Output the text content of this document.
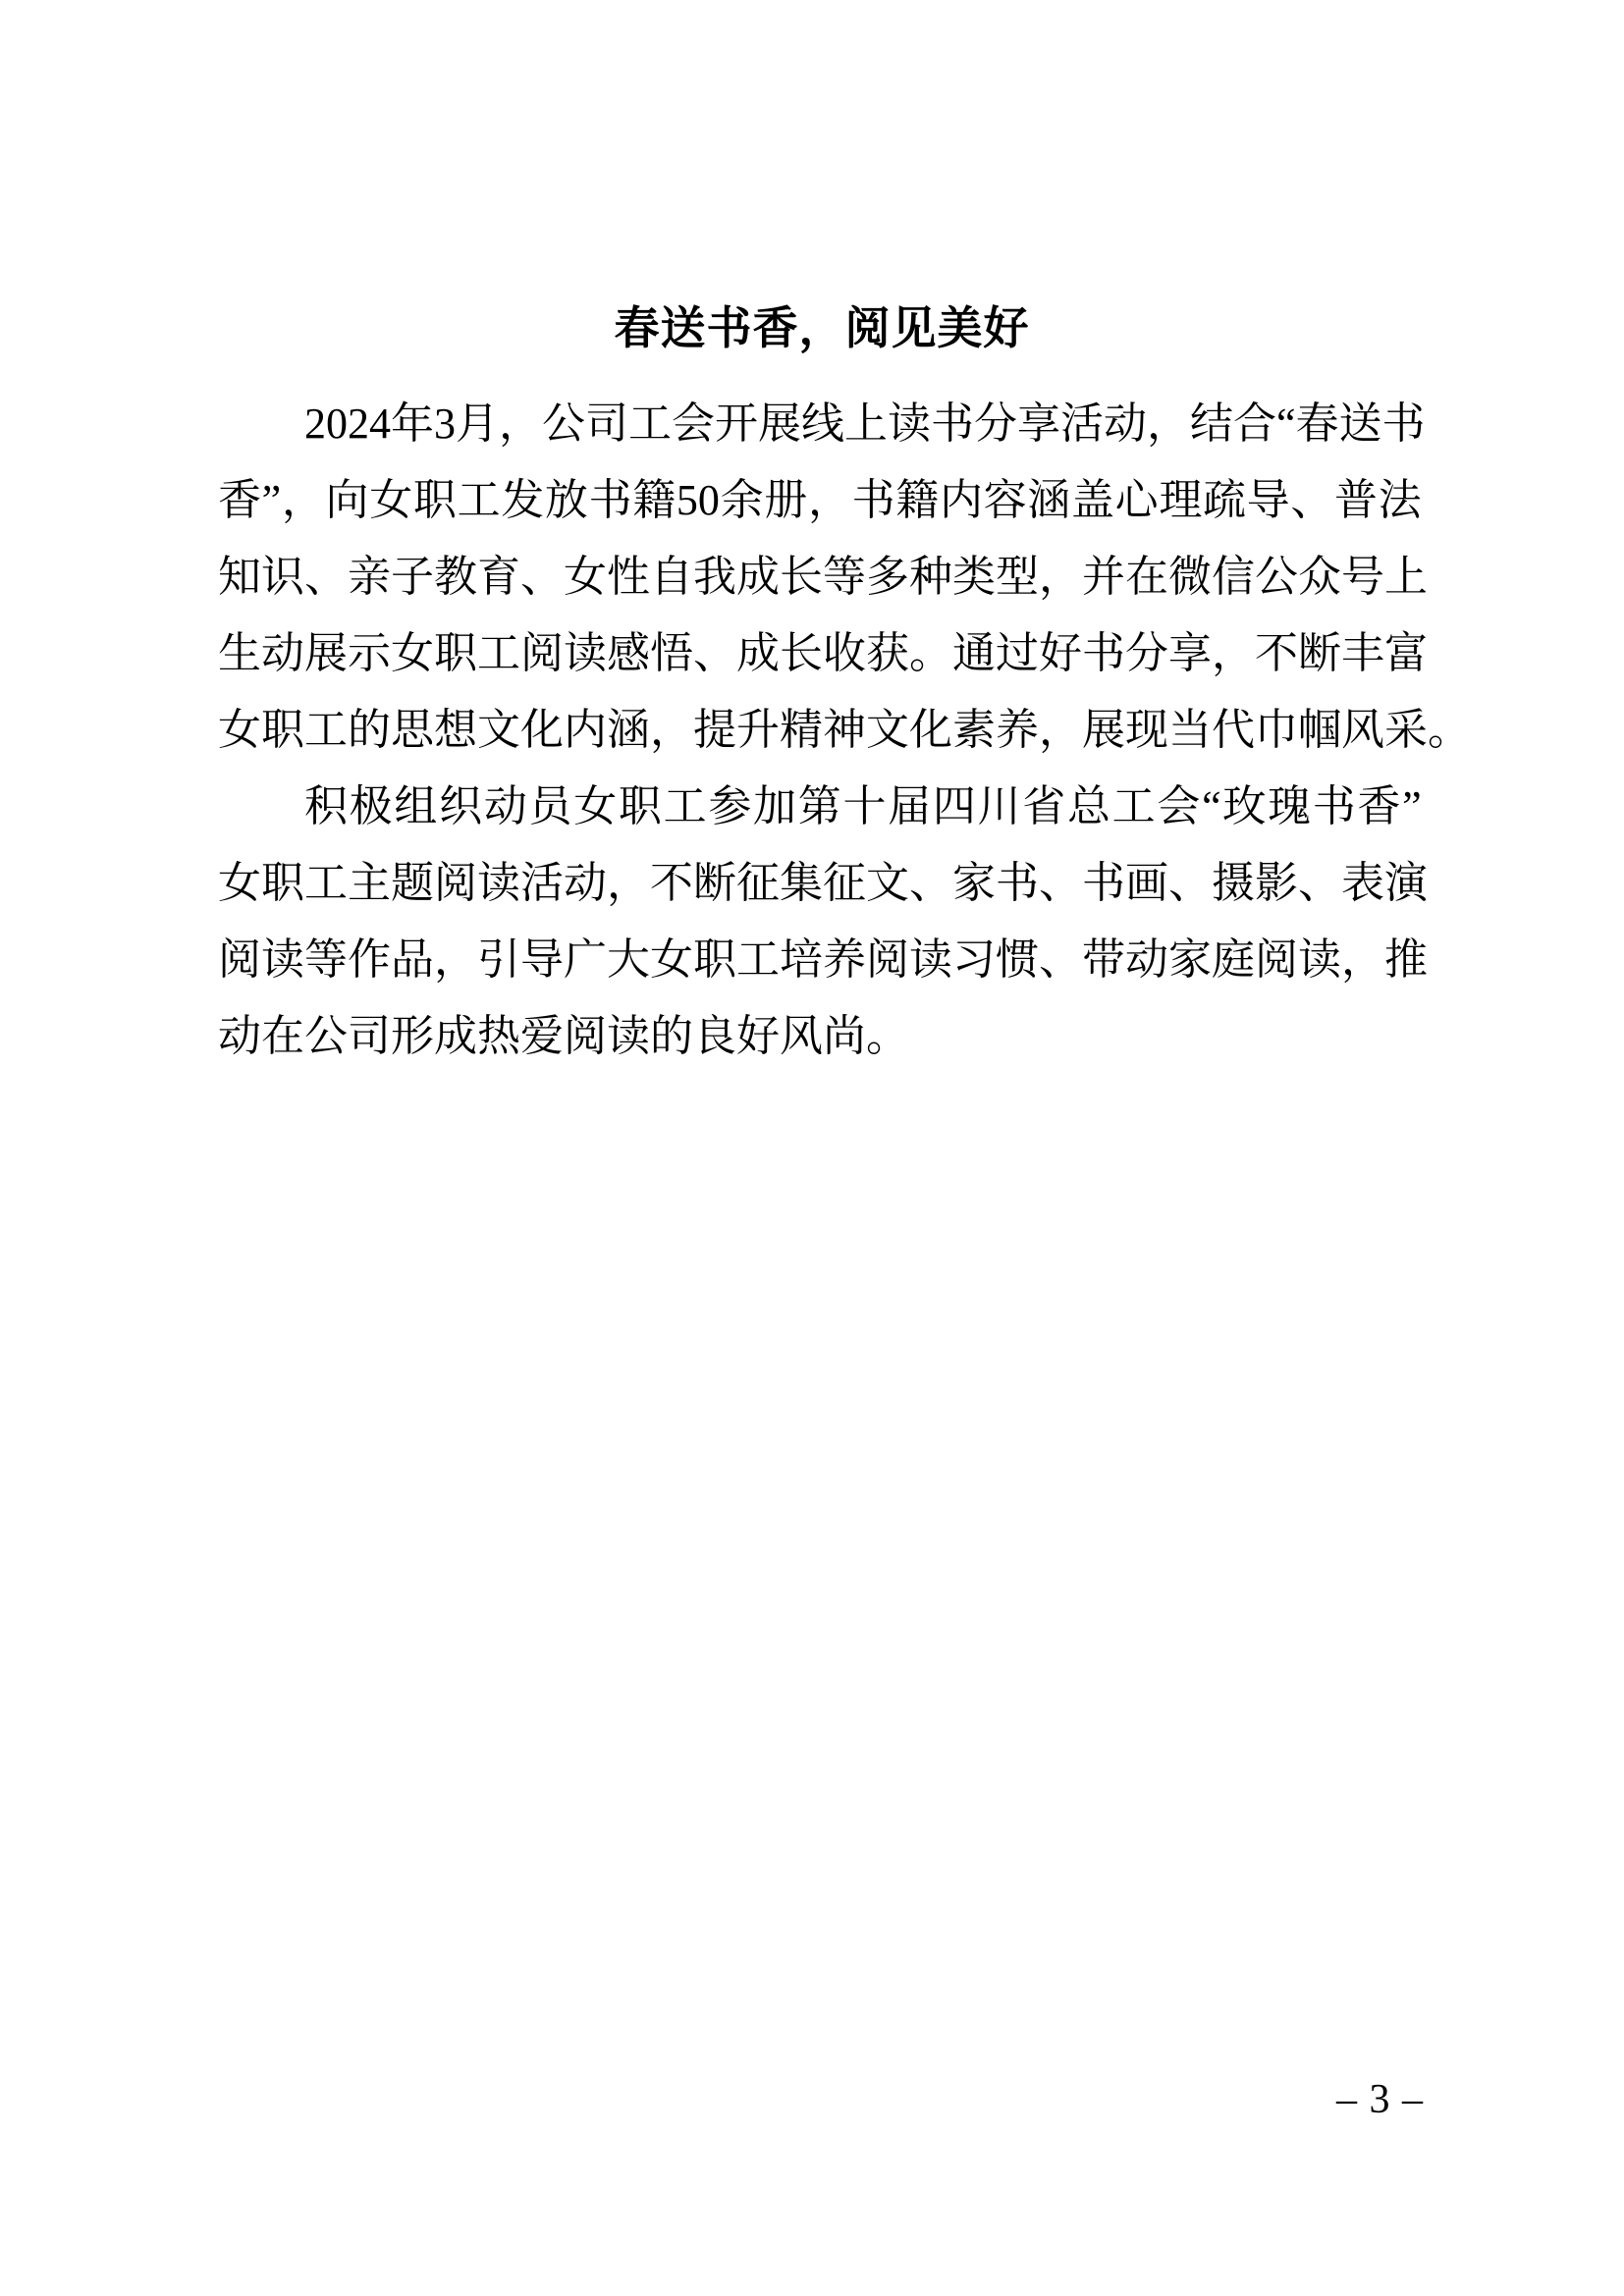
春送书香，阅见美好
2024 年 3 月 ， 公 司 工 会 开 展 线 上 读 书 分 享 活 动 ， 结 合 “ 春 送 书
香 ” ， 向 女 职 工 发 放 书 籍 50 余 册 ， 书 籍 内 容 涵 盖 心 理 疏 导 、 普 法
知 识 、 亲 子 教 育 、 女 性 自 我 成 长 等 多 种 类 型 ， 并 在 微 信 公 众 号 上
生 动 展 示 女 职 工 阅 读 感 悟 、 成 长 收 获 。 通 过 好 书 分 享 ， 不 断 丰 富
女 职 工 的 思 想 文 化 内 涵 ， 提 升 精 神 文 化 素 养 ， 展 现 当 代 巾 帼 风 采 。
积 极 组 织 动 员 女 职 工 参 加 第 十 届 四 川 省 总 工 会 “ 玫 瑰 书 香 ”
女 职 工 主 题 阅 读 活 动 ， 不 断 征 集 征 文 、 家 书 、 书 画 、 摄 影 、 表 演
阅 读 等 作 品 ， 引 导 广 大 女 职 工 培 养 阅 读 习 惯 、 带 动 家 庭 阅 读 ， 推
动在公司形成热爱阅读的良好风尚。
– 3 –
